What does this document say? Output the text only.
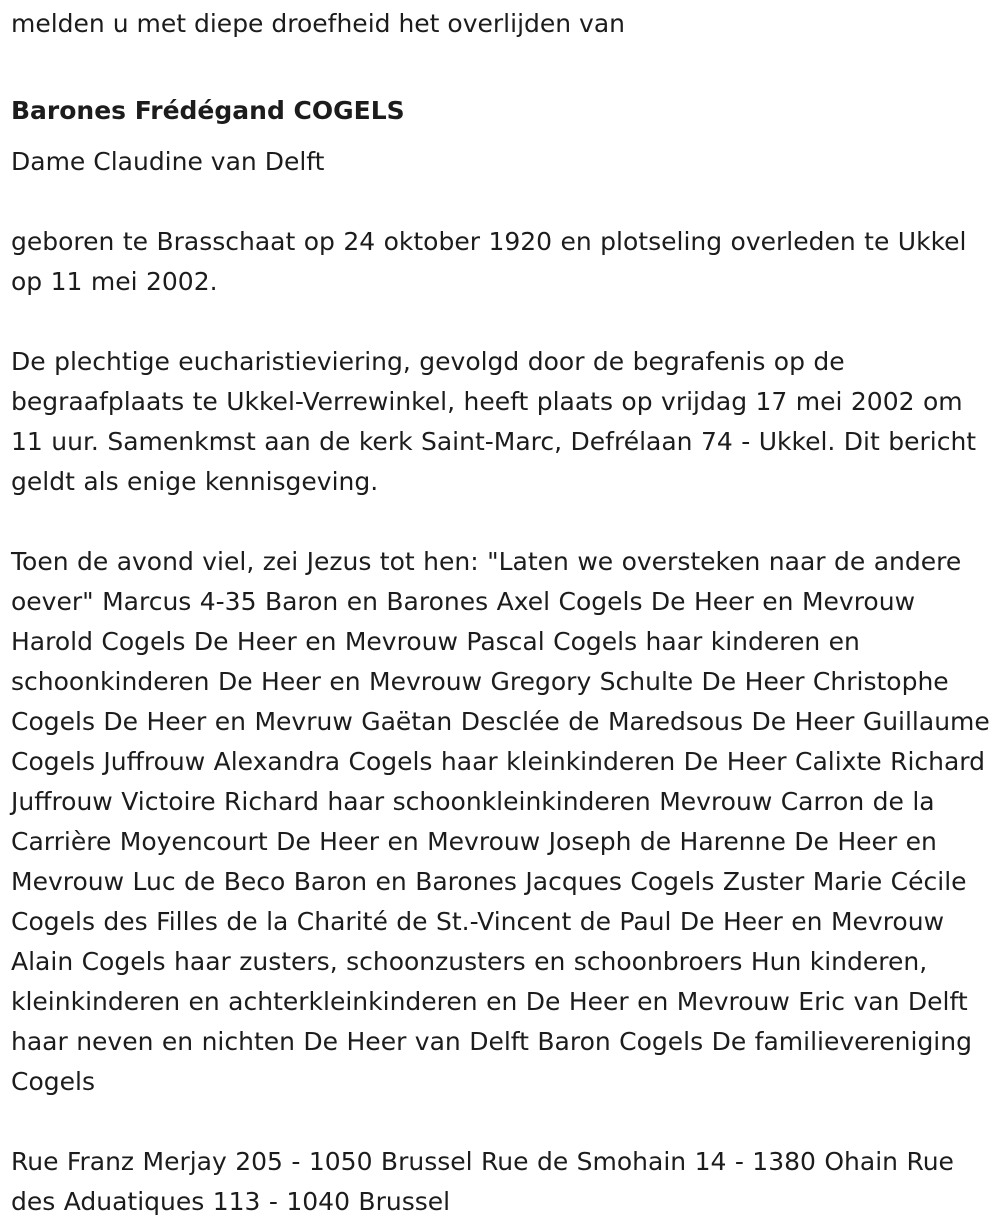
melden u met diepe droefheid het overlijden van

Barones Frédégand COGELS

Dame Claudine van Delft

geboren te Brasschaat op 24 oktober 1920 en plotseling overleden te Ukkel op 11 mei 2002.

De plechtige eucharistieviering, gevolgd door de begrafenis op de begraafplaats te Ukkel-Verrewinkel, heeft plaats op vrijdag 17 mei 2002 om 11 uur. Samenkmst aan de kerk Saint-Marc, Defrélaan 74 - Ukkel. Dit bericht geldt als enige kennisgeving.

Toen de avond viel, zei Jezus tot hen: "Laten we oversteken naar de andere oever" Marcus 4-35 Baron en Barones Axel Cogels De Heer en Mevrouw Harold Cogels De Heer en Mevrouw Pascal Cogels haar kinderen en schoonkinderen De Heer en Mevrouw Gregory Schulte De Heer Christophe Cogels De Heer en Mevruw Gaëtan Desclée de Maredsous De Heer Guillaume Cogels Juffrouw Alexandra Cogels haar kleinkinderen De Heer Calixte Richard Juffrouw Victoire Richard haar schoonkleinkinderen Mevrouw Carron de la Carrière Moyencourt De Heer en Mevrouw Joseph de Harenne De Heer en Mevrouw Luc de Beco Baron en Barones Jacques Cogels Zuster Marie Cécile Cogels des Filles de la Charité de St.-Vincent de Paul De Heer en Mevrouw Alain Cogels haar zusters, schoonzusters en schoonbroers Hun kinderen, kleinkinderen en achterkleinkinderen en De Heer en Mevrouw Eric van Delft haar neven en nichten De Heer van Delft Baron Cogels De familievereniging Cogels

Rue Franz Merjay 205 - 1050 Brussel Rue de Smohain 14 - 1380 Ohain Rue des Aduatiques 113 - 1040 Brussel
